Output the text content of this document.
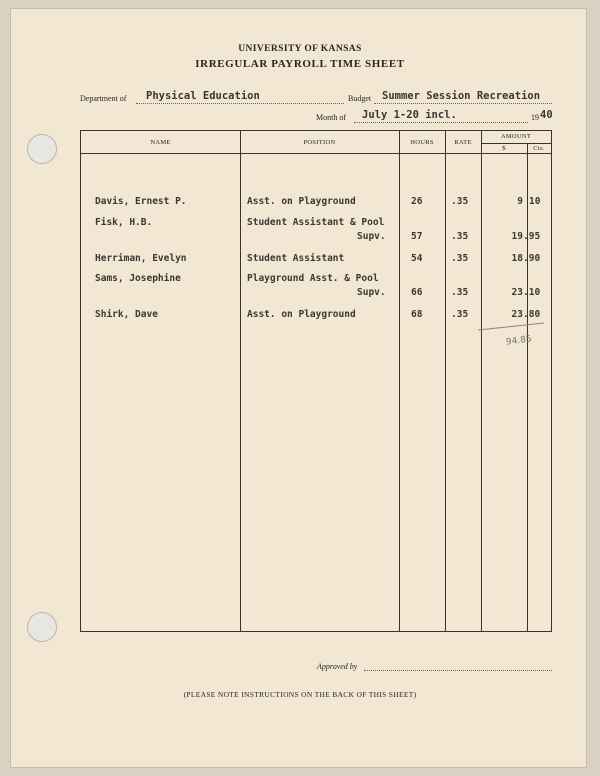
UNIVERSITY OF KANSAS
IRREGULAR PAYROLL TIME SHEET
Department of Physical Education	Budget Summer Session Recreation
Month of July 1-20 incl.	19 40
NAME	POSITION	HOURS	RATE
AMOUNT
$	Cts.
Davis, Ernest P.	Asst. on Playground	26	.35	9 10
Fisk, H.B.	Student Assistant & Pool
Supv.	57	.35	19 .95
Herriman, Evelyn	Student Assistant	54	.35	18 .90
Sams, Josephine	Playground Asst. & Pool
Supv.	66	.35	23 .10
Shirk, Dave	Asst. on Playground	68	.35	23 .80
94.85
Approved by
(PLEASE NOTE INSTRUCTIONS ON THE BACK OF THIS SHEET)
